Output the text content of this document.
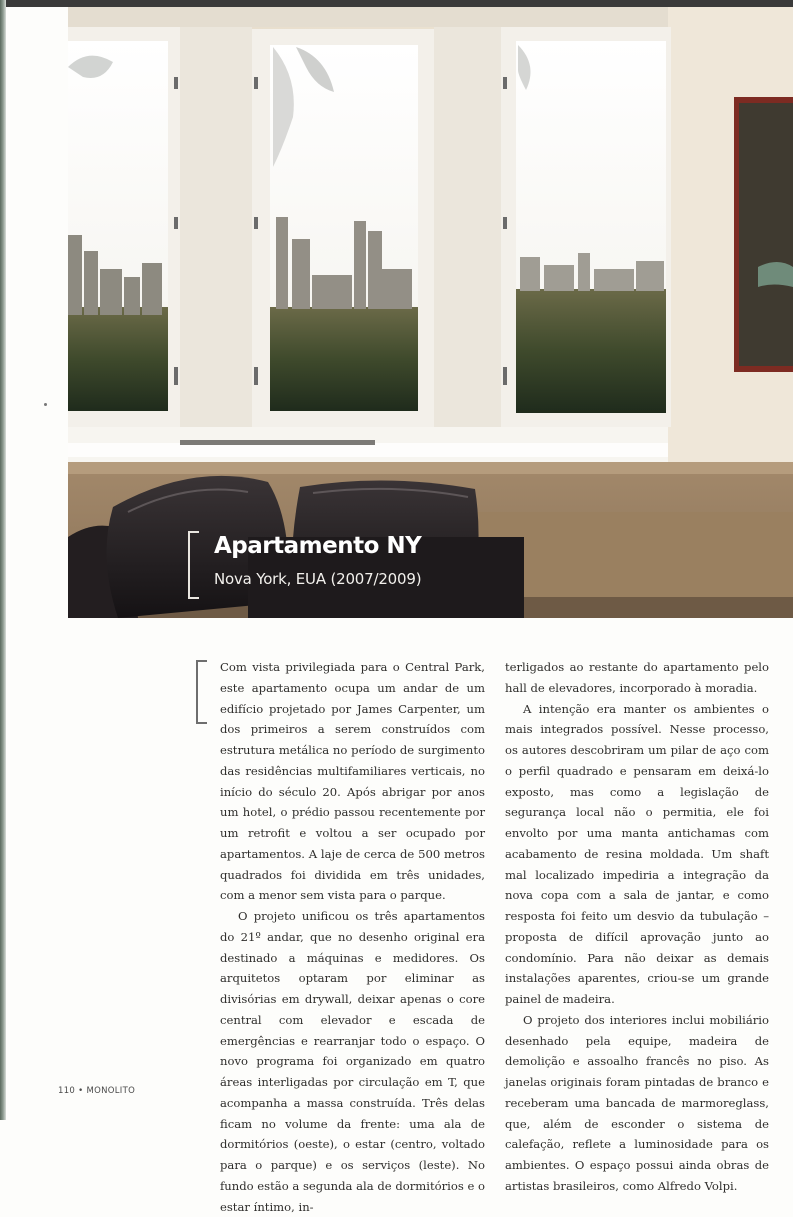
Apartamento NY

Nova York, EUA (2007/2009)

Com vista privilegiada para o Central Park, este apartamento ocupa um andar de um edifício projetado por James Carpenter, um dos primeiros a serem construídos com estrutura metálica no período de surgimento das residências multifamiliares verticais, no início do século 20. Após abrigar por anos um hotel, o prédio passou recentemente por um retrofit e voltou a ser ocupado por apartamentos. A laje de cerca de 500 metros quadrados foi dividida em três unidades, com a menor sem vista para o parque.

O projeto unificou os três apartamentos do 21º andar, que no desenho original era destinado a máquinas e medidores. Os arquitetos optaram por eliminar as divisórias em drywall, deixar apenas o core central com elevador e escada de emergências e rearranjar todo o espaço. O novo programa foi organizado em quatro áreas interligadas por circulação em T, que acompanha a massa construída. Três delas ficam no volume da frente: uma ala de dormitórios (oeste), o estar (centro, voltado para o parque) e os serviços (leste). No fundo estão a segunda ala de dormitórios e o estar íntimo, in-

terligados ao restante do apartamento pelo hall de elevadores, incorporado à moradia.

A intenção era manter os ambientes o mais integrados possível. Nesse processo, os autores descobriram um pilar de aço com o perfil quadrado e pensaram em deixá-lo exposto, mas como a legislação de segurança local não o permitia, ele foi envolto por uma manta antichamas com acabamento de resina moldada. Um shaft mal localizado impediria a integração da nova copa com a sala de jantar, e como resposta foi feito um desvio da tubulação – proposta de difícil aprovação junto ao condomínio. Para não deixar as demais instalações aparentes, criou-se um grande painel de madeira.

O projeto dos interiores inclui mobiliário desenhado pela equipe, madeira de demolição e assoalho francês no piso. As janelas originais foram pintadas de branco e receberam uma bancada de marmoreglass, que, além de esconder o sistema de calefação, reflete a luminosidade para os ambientes. O espaço possui ainda obras de artistas brasileiros, como Alfredo Volpi.

110 • MONOLITO
